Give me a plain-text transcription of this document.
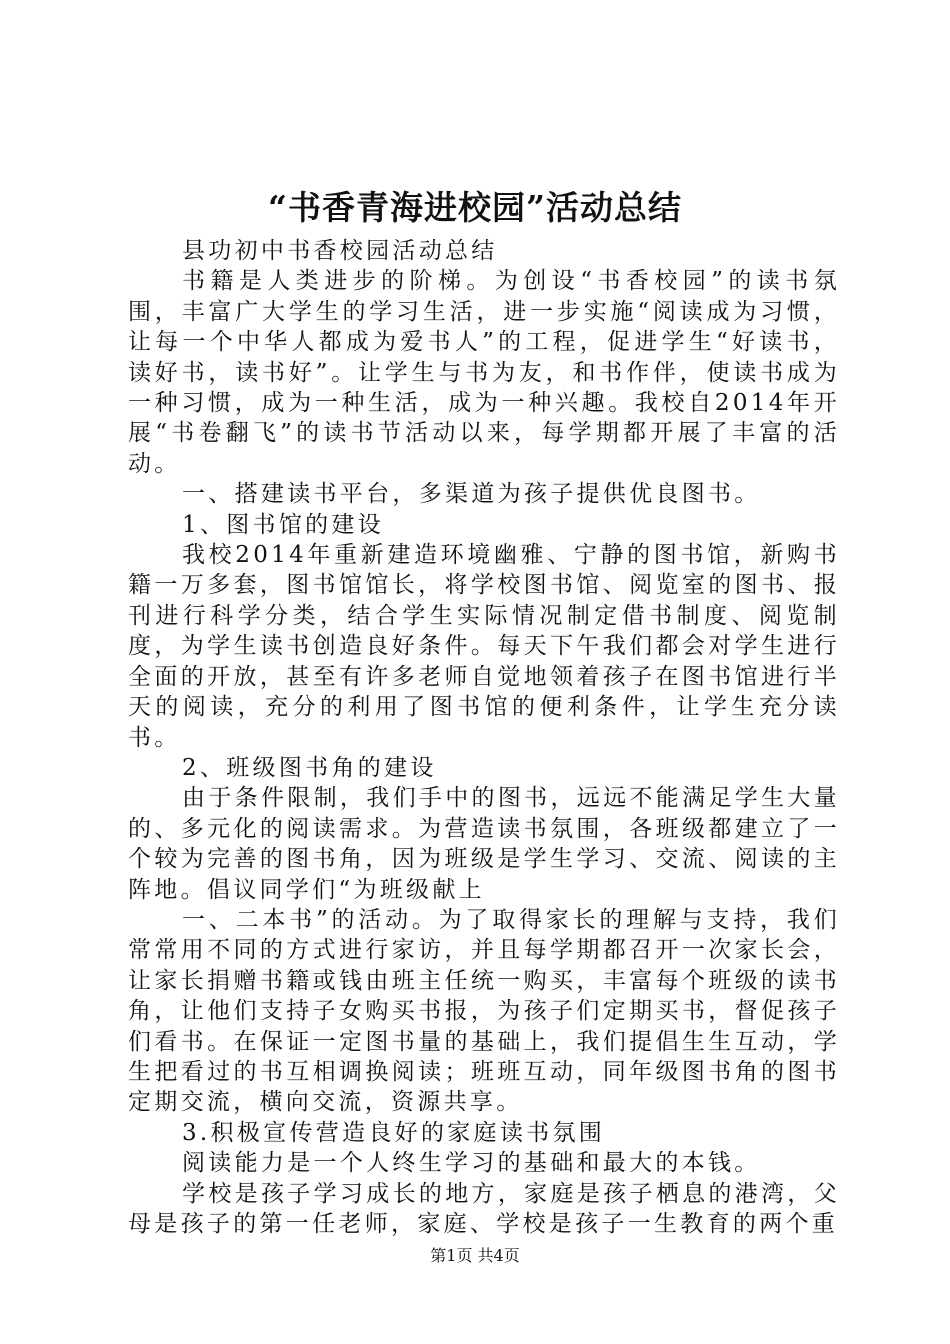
“书香青海进校园”活动总结

县功初中书香校园活动总结

书籍是人类进步的阶梯。为创设“书香校园”的读书氛围，丰富广大学生的学习生活，进一步实施“阅读成为习惯，让每一个中华人都成为爱书人”的工程，促进学生“好读书，读好书，读书好”。让学生与书为友，和书作伴，使读书成为一种习惯，成为一种生活，成为一种兴趣。我校自2014年开展“书卷翻飞”的读书节活动以来，每学期都开展了丰富的活动。

一、搭建读书平台，多渠道为孩子提供优良图书。

1、图书馆的建设

我校2014年重新建造环境幽雅、宁静的图书馆，新购书籍一万多套，图书馆馆长，将学校图书馆、阅览室的图书、报刊进行科学分类，结合学生实际情况制定借书制度、阅览制度，为学生读书创造良好条件。每天下午我们都会对学生进行全面的开放，甚至有许多老师自觉地领着孩子在图书馆进行半天的阅读，充分的利用了图书馆的便利条件，让学生充分读书。

2、班级图书角的建设

由于条件限制，我们手中的图书，远远不能满足学生大量的、多元化的阅读需求。为营造读书氛围，各班级都建立了一个较为完善的图书角，因为班级是学生学习、交流、阅读的主阵地。倡议同学们“为班级献上

一、二本书”的活动。为了取得家长的理解与支持，我们常常用不同的方式进行家访，并且每学期都召开一次家长会，让家长捐赠书籍或钱由班主任统一购买，丰富每个班级的读书角，让他们支持子女购买书报，为孩子们定期买书，督促孩子们看书。在保证一定图书量的基础上，我们提倡生生互动，学生把看过的书互相调换阅读；班班互动，同年级图书角的图书定期交流，横向交流，资源共享。

3.积极宣传营造良好的家庭读书氛围

阅读能力是一个人终生学习的基础和最大的本钱。

学校是孩子学习成长的地方，家庭是孩子栖息的港湾，父母是孩子的第一任老师，家庭、学校是孩子一生教育的两个重

第1页 共4页
